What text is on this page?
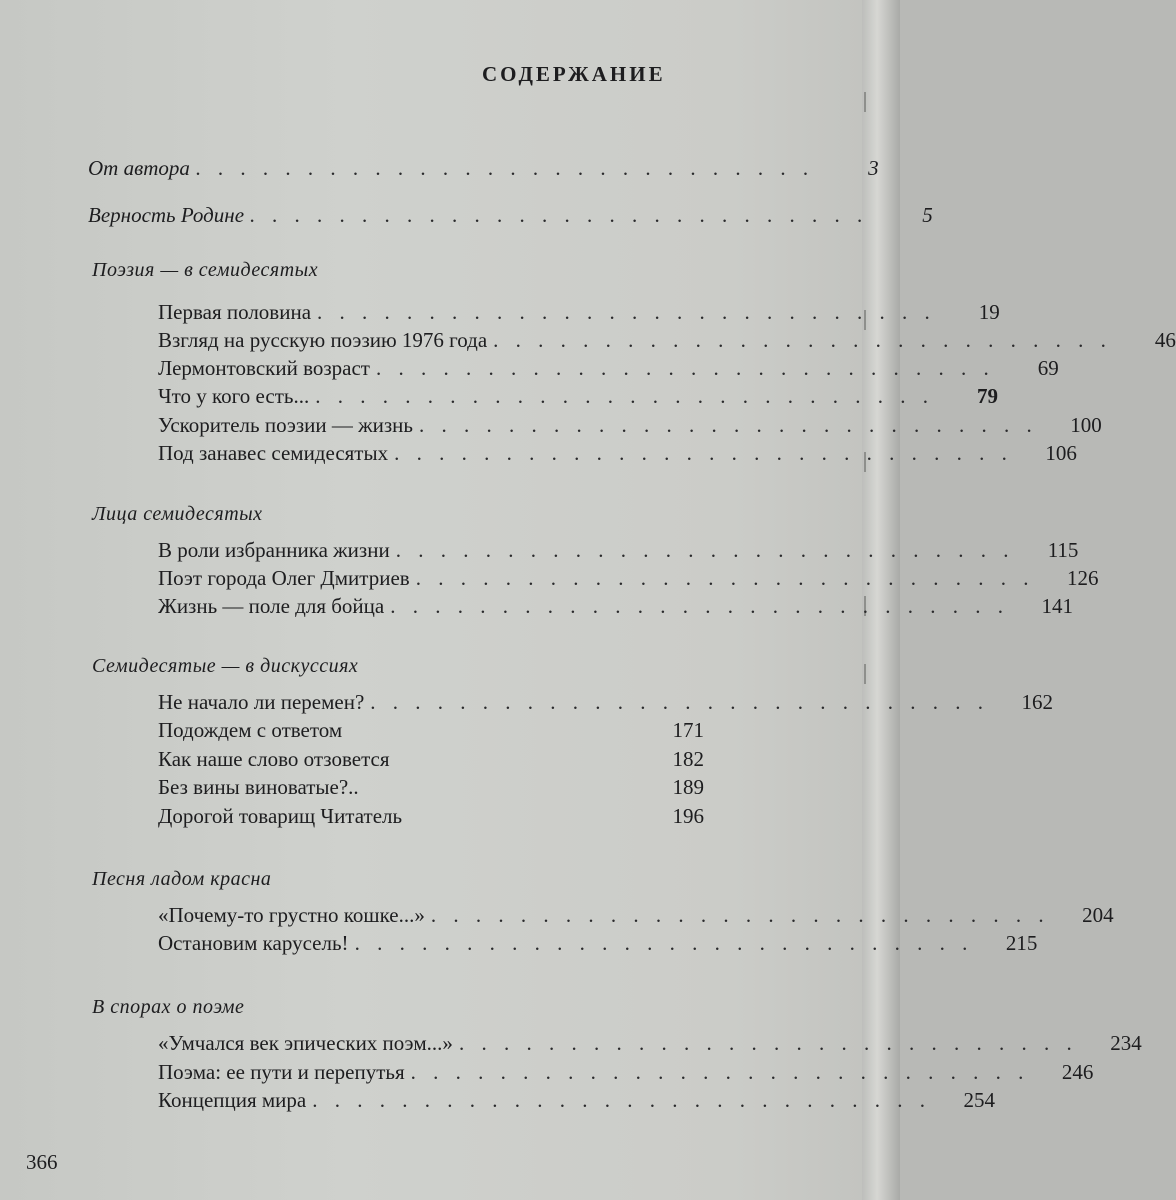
СОДЕРЖАНИЕ
От автора . . . . . . . . . . . . . . . . . . . . . . . . . . . .	3
Верность Родине . . . . . . . . . . . . . . . . . . . . . . . . . . . .	5
Поэзия — в семидесятых
Первая половина . . . . . . . . . . . . . . . . . . . . . . . . . . . .	19
Взгляд на русскую поэзию 1976 года . . . . . . . . . . . . . . . . . . . . . . . . . . . .	46
Лермонтовский возраст . . . . . . . . . . . . . . . . . . . . . . . . . . . .	69
Что у кого есть... . . . . . . . . . . . . . . . . . . . . . . . . . . . .	79
Ускоритель поэзии — жизнь . . . . . . . . . . . . . . . . . . . . . . . . . . . .	100
Под занавес семидесятых . . . . . . . . . . . . . . . . . . . . . . . . . . . .	106
Лица семидесятых
В роли избранника жизни . . . . . . . . . . . . . . . . . . . . . . . . . . . .	115
Поэт города Олег Дмитриев . . . . . . . . . . . . . . . . . . . . . . . . . . . .	126
Жизнь — поле для бойца . . . . . . . . . . . . . . . . . . . . . . . . . . . .	141
Семидесятые — в дискуссиях
Не начало ли перемен? . . . . . . . . . . . . . . . . . . . . . . . . . . . .	162
Подождем с ответом	171
Как наше слово отзовется	182
Без вины виноватые?..	189
Дорогой товарищ Читатель	196
Песня ладом красна
«Почему-то грустно кошке...» . . . . . . . . . . . . . . . . . . . . . . . . . . . .	204
Остановим карусель! . . . . . . . . . . . . . . . . . . . . . . . . . . . .	215
В спорах о поэме
«Умчался век эпических поэм...» . . . . . . . . . . . . . . . . . . . . . . . . . . . .	234
Поэма: ее пути и перепутья . . . . . . . . . . . . . . . . . . . . . . . . . . . .	246
Концепция мира . . . . . . . . . . . . . . . . . . . . . . . . . . . .	254
366
